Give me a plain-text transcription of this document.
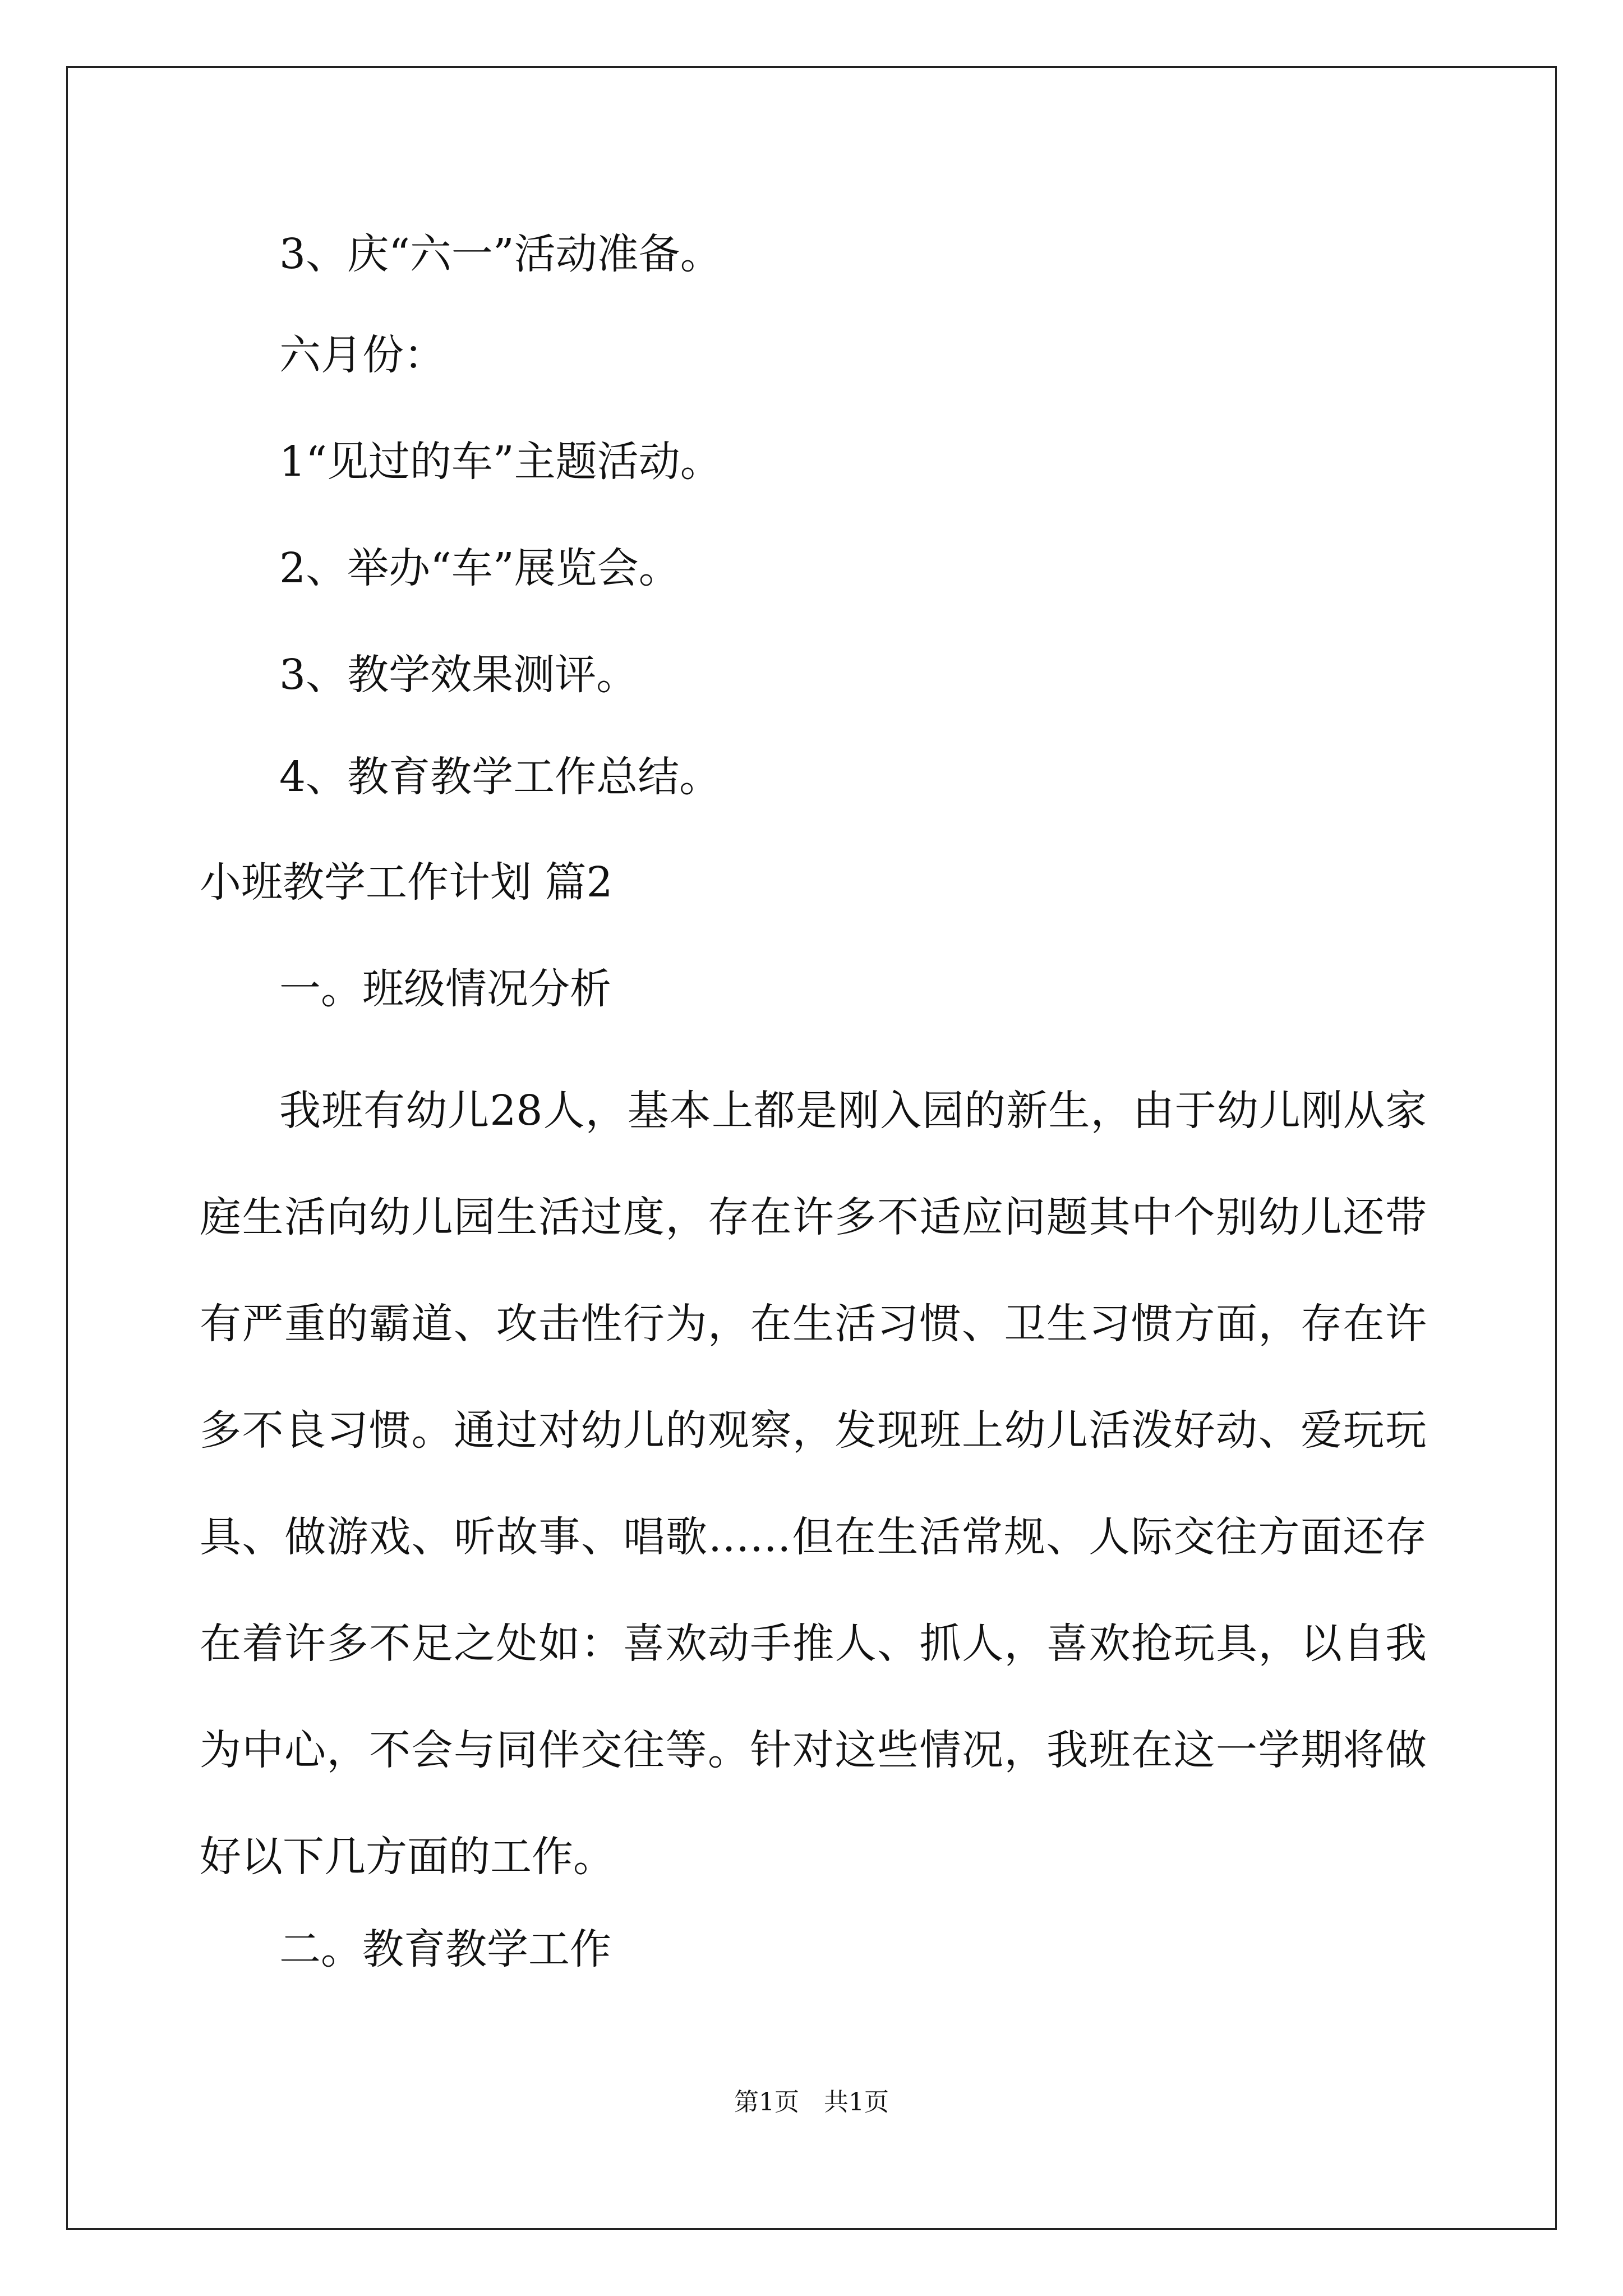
3、庆“六一”活动准备。

六月份：

1“见过的车”主题活动。

2、举办“车”展览会。

3、教学效果测评。

4、教育教学工作总结。

小班教学工作计划 篇2

一。班级情况分析

我班有幼儿28人，基本上都是刚入园的新生，由于幼儿刚从家庭生活向幼儿园生活过度，存在许多不适应问题其中个别幼儿还带有严重的霸道、攻击性行为，在生活习惯、卫生习惯方面，存在许多不良习惯。通过对幼儿的观察，发现班上幼儿活泼好动、爱玩玩具、做游戏、听故事、唱歌……但在生活常规、人际交往方面还存在着许多不足之处如：喜欢动手推人、抓人，喜欢抢玩具，以自我为中心，不会与同伴交往等。针对这些情况，我班在这一学期将做好以下几方面的工作。

二。教育教学工作

第1页　共1页
